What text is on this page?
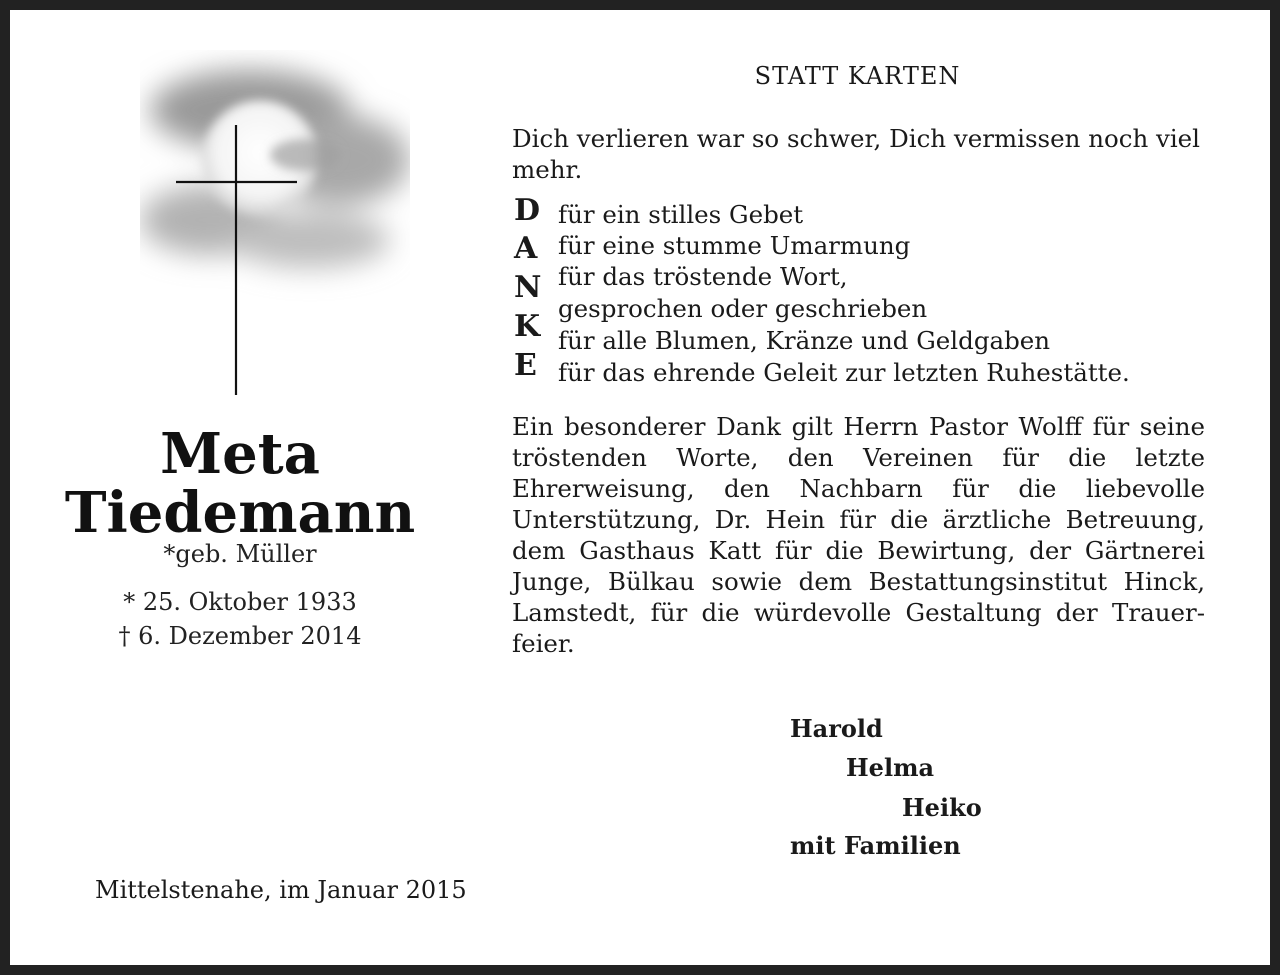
Meta
Tiedemann
*geb. Müller
* 25. Oktober 1933
† 6. Dezember 2014
Mittelstenahe, im Januar 2015
STATT KARTEN
Dich verlieren war so schwer, Dich vermissen noch viel mehr.
D
A
N
K
E
für ein stilles Gebet
für eine stumme Umarmung
für das tröstende Wort,
gesprochen oder geschrieben
für alle Blumen, Kränze und Geldgaben
für das ehrende Geleit zur letzten Ruhestätte.
Ein besonderer Dank gilt Herrn Pastor Wolff für seine tröstenden Worte, den Vereinen für die letzte Ehrerweisung, den Nachbarn für die liebevolle Unterstützung, Dr. Hein für die ärztliche Betreuung, dem Gasthaus Katt für die Bewirtung, der Gärtnerei Junge, Bülkau sowie dem Bestattungsinstitut Hinck, Lamstedt, für die würdevolle Gestaltung der Trauer-feier.
Harold
Helma
Heiko
mit Familien
